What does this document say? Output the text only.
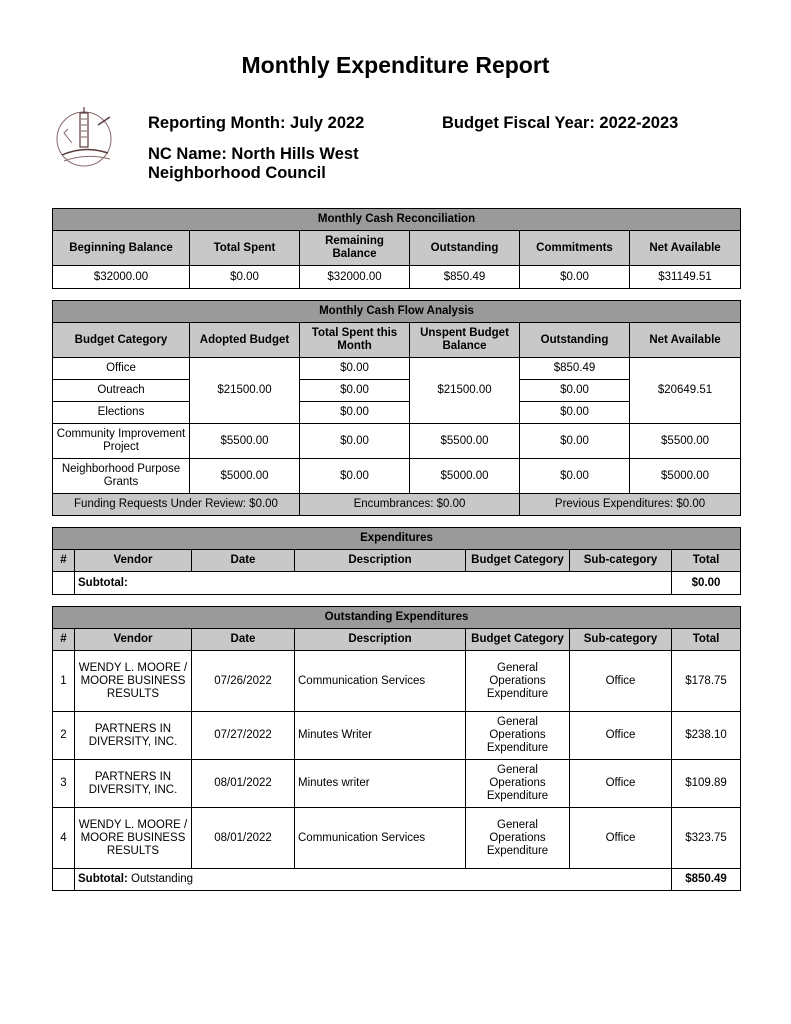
Monthly Expenditure Report
Reporting Month: July 2022	Budget Fiscal Year: 2022-2023
NC Name: North Hills West Neighborhood Council
Monthly Cash Reconciliation					
Beginning Balance	Total Spent	Remaining Balance	Outstanding	Commitments	Net Available
$32000.00	$0.00	$32000.00	$850.49	$0.00	$31149.51
Monthly Cash Flow Analysis					
Budget Category	Adopted Budget	Total Spent this Month	Unspent Budget Balance	Outstanding	Net Available
Office	$21500.00	$0.00	$21500.00	$850.49	$20649.51
Outreach		$0.00		$0.00	
Elections		$0.00		$0.00	
Community Improvement Project	$5500.00	$0.00	$5500.00	$0.00	$5500.00
Neighborhood Purpose Grants	$5000.00	$0.00	$5000.00	$0.00	$5000.00
Funding Requests Under Review: $0.00		Encumbrances: $0.00		Previous Expenditures: $0.00	
Expenditures						
#	Vendor	Date	Description	Budget Category	Sub-category	Total
	Subtotal:					$0.00
Outstanding Expenditures						
#	Vendor	Date	Description	Budget Category	Sub-category	Total
1	WENDY L. MOORE / MOORE BUSINESS RESULTS	07/26/2022	Communication Services	General Operations Expenditure	Office	$178.75
2	PARTNERS IN DIVERSITY, INC.	07/27/2022	Minutes Writer	General Operations Expenditure	Office	$238.10
3	PARTNERS IN DIVERSITY, INC.	08/01/2022	Minutes writer	General Operations Expenditure	Office	$109.89
4	WENDY L. MOORE / MOORE BUSINESS RESULTS	08/01/2022	Communication Services	General Operations Expenditure	Office	$323.75
	Subtotal: Outstanding					$850.49
